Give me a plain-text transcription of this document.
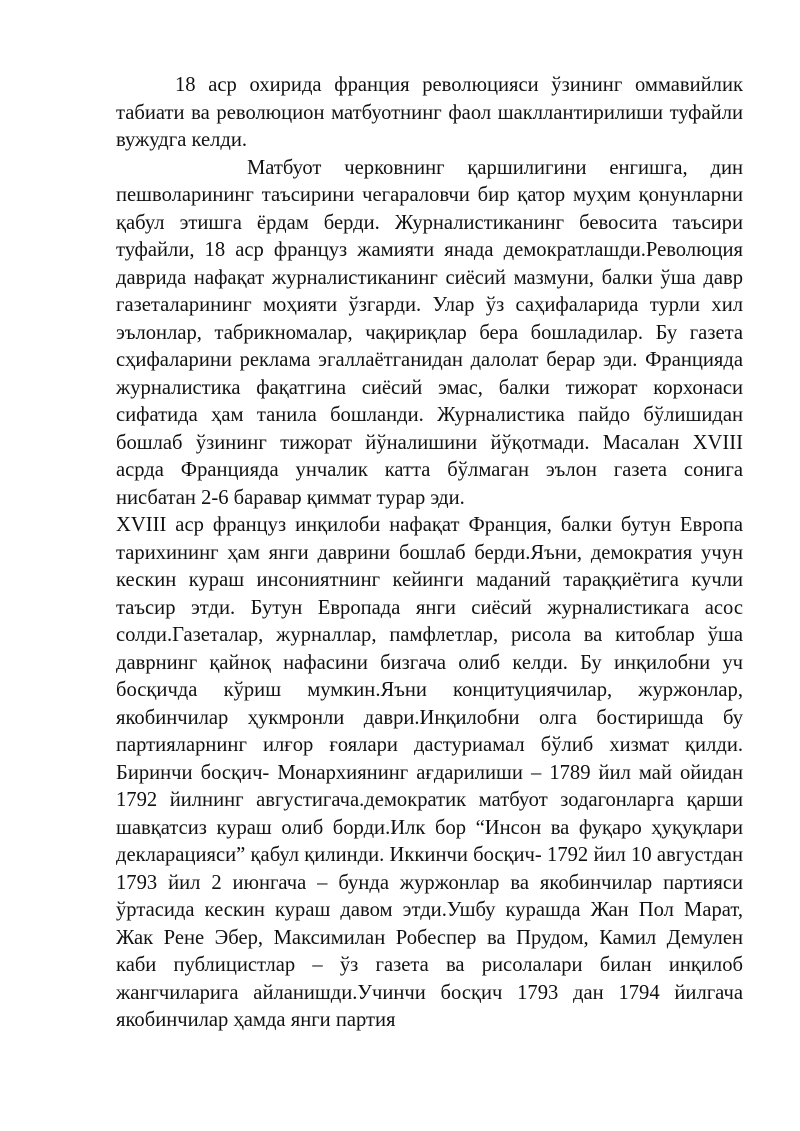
18 аср охирида франция революцияси ўзининг оммавийлик табиати ва революцион матбуотнинг фаол шакллантирилиши туфайли вужудга келди.

Матбуот черковнинг қаршилигини енгишга, дин пешволарининг таъсирини чегараловчи бир қатор муҳим қонунларни қабул этишга ёрдам берди. Журналистиканинг бевосита таъсири туфайли, 18 аср француз жамияти янада демократлашди.Революция даврида нафақат журналистиканинг сиёсий мазмуни, балки ўша давр газеталарининг моҳияти ўзгарди. Улар ўз саҳифаларида турли хил эълонлар, табрикномалар, чақириқлар бера бошладилар. Бу газета сҳифаларини реклама эгаллаётганидан далолат берар эди. Францияда журналистика фақатгина сиёсий эмас, балки тижорат корхонаси сифатида ҳам танила бошланди. Журналистика пайдо бўлишидан бошлаб ўзининг тижорат йўналишини йўқотмади. Масалан XVIII асрда Францияда унчалик катта бўлмаган эълон газета сонига нисбатан 2-6 баравар қиммат турар эди.

XVIII аср француз инқилоби нафақат Франция, балки бутун Европа тарихининг ҳам янги даврини бошлаб берди.Яъни, демократия учун кескин кураш инсониятнинг кейинги маданий тараққиётига кучли таъсир этди. Бутун Европада янги сиёсий журналистикага асос солди.Газеталар, журналлар, памфлетлар, рисола ва китоблар ўша даврнинг қайноқ нафасини бизгача олиб келди. Бу инқилобни уч босқичда кўриш мумкин.Яъни концитуциячилар, журжонлар, якобинчилар ҳукмронли даври.Инқилобни олга бостиришда бу партияларнинг илғор ғоялари дастуриамал бўлиб хизмат қилди. Биринчи босқич- Монархиянинг ағдарилиши – 1789 йил май ойидан 1792 йилнинг августигача.демократик матбуот зодагонларга қарши шавқатсиз кураш олиб борди.Илк бор “Инсон ва фуқаро ҳуқуқлари декларацияси” қабул қилинди. Иккинчи босқич- 1792 йил 10 августдан 1793 йил 2 июнгача – бунда журжонлар ва якобинчилар партияси ўртасида кескин кураш давом этди.Ушбу курашда Жан Пол Марат, Жак Рене Эбер, Максимилан Робеспер ва Прудом, Камил Демулен каби публицистлар – ўз газета ва рисолалари билан инқилоб жангчиларига айланишди.Учинчи босқич 1793 дан 1794 йилгача якобинчилар ҳамда янги партия
